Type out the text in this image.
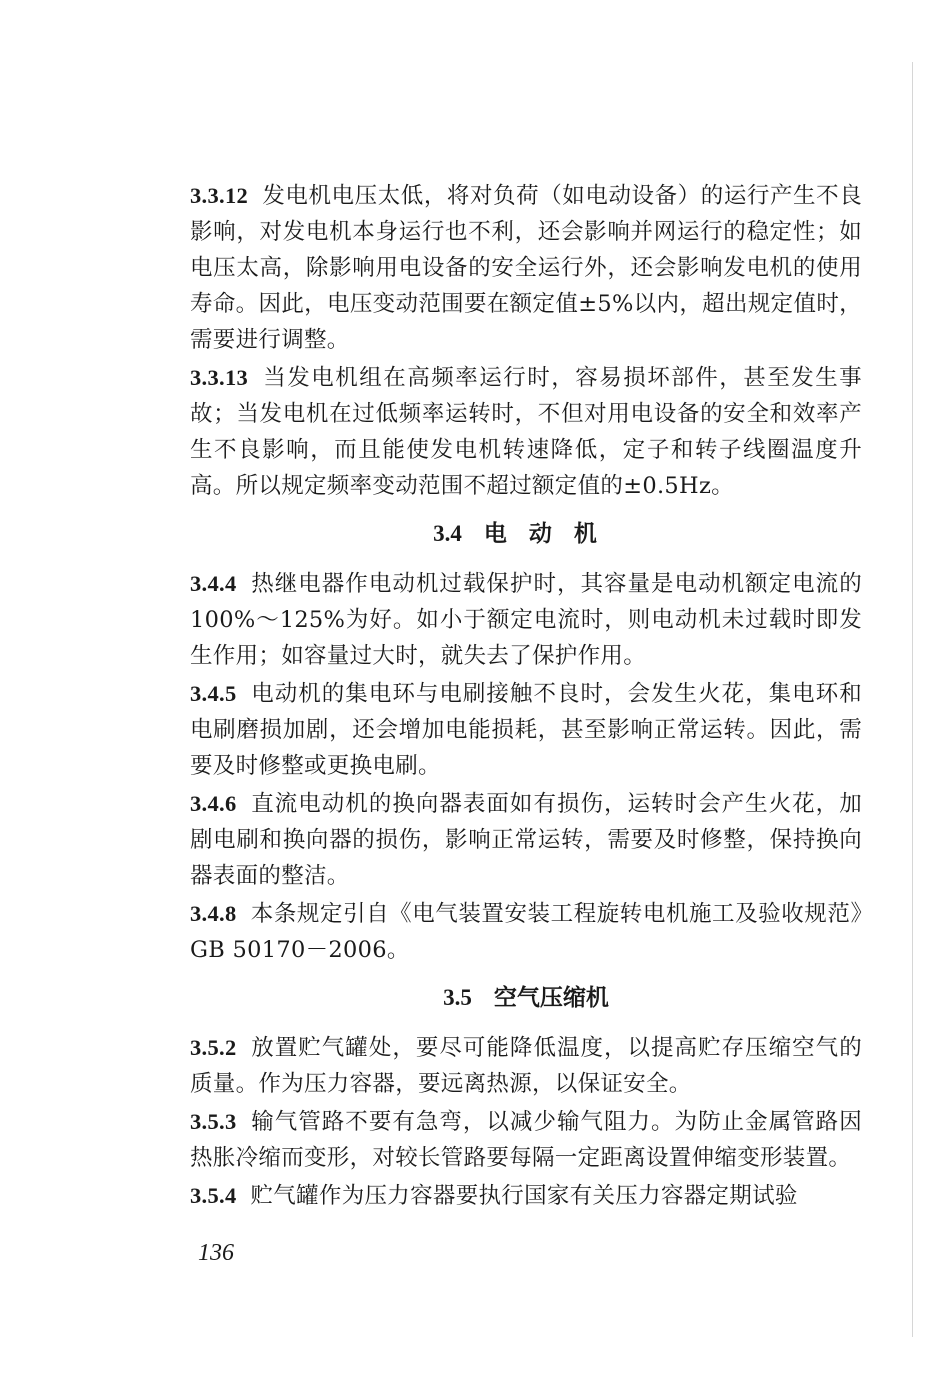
3.3.12 发电机电压太低，将对负荷（如电动设备）的运行产生不良影响，对发电机本身运行也不利，还会影响并网运行的稳定性；如电压太高，除影响用电设备的安全运行外，还会影响发电机的使用寿命。因此，电压变动范围要在额定值±5%以内，超出规定值时，需要进行调整。

3.3.13 当发电机组在高频率运行时，容易损坏部件，甚至发生事故；当发电机在过低频率运转时，不但对用电设备的安全和效率产生不良影响，而且能使发电机转速降低，定子和转子线圈温度升高。所以规定频率变动范围不超过额定值的±0.5Hz。

3.4 电动机

3.4.4 热继电器作电动机过载保护时，其容量是电动机额定电流的100%～125%为好。如小于额定电流时，则电动机未过载时即发生作用；如容量过大时，就失去了保护作用。

3.4.5 电动机的集电环与电刷接触不良时，会发生火花，集电环和电刷磨损加剧，还会增加电能损耗，甚至影响正常运转。因此，需要及时修整或更换电刷。

3.4.6 直流电动机的换向器表面如有损伤，运转时会产生火花，加剧电刷和换向器的损伤，影响正常运转，需要及时修整，保持换向器表面的整洁。

3.4.8 本条规定引自《电气装置安装工程旋转电机施工及验收规范》GB 50170－2006。

3.5 空气压缩机

3.5.2 放置贮气罐处，要尽可能降低温度，以提高贮存压缩空气的质量。作为压力容器，要远离热源，以保证安全。

3.5.3 输气管路不要有急弯，以减少输气阻力。为防止金属管路因热胀冷缩而变形，对较长管路要每隔一定距离设置伸缩变形装置。

3.5.4 贮气罐作为压力容器要执行国家有关压力容器定期试验

136
